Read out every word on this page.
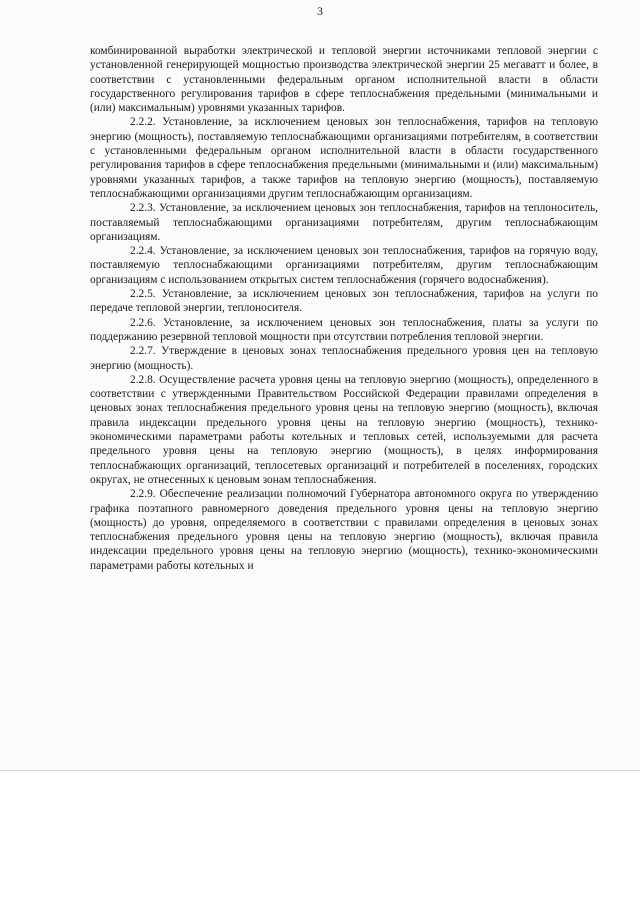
3

комбинированной выработки электрической и тепловой энергии источниками тепловой энергии с установленной генерирующей мощностью производства электрической энергии 25 мегаватт и более, в соответствии с установленными федеральным органом исполнительной власти в области государственного регулирования тарифов в сфере теплоснабжения предельными (минимальными и (или) максимальным) уровнями указанных тарифов.

2.2.2. Установление, за исключением ценовых зон теплоснабжения, тарифов на тепловую энергию (мощность), поставляемую теплоснабжающими организациями потребителям, в соответствии с установленными федеральным органом исполнительной власти в области государственного регулирования тарифов в сфере теплоснабжения предельными (минимальными и (или) максимальным) уровнями указанных тарифов, а также тарифов на тепловую энергию (мощность), поставляемую теплоснабжающими организациями другим теплоснабжающим организациям.

2.2.3. Установление, за исключением ценовых зон теплоснабжения, тарифов на теплоноситель, поставляемый теплоснабжающими организациями потребителям, другим теплоснабжающим организациям.

2.2.4. Установление, за исключением ценовых зон теплоснабжения, тарифов на горячую воду, поставляемую теплоснабжающими организациями потребителям, другим теплоснабжающим организациям с использованием открытых систем теплоснабжения (горячего водоснабжения).

2.2.5. Установление, за исключением ценовых зон теплоснабжения, тарифов на услуги по передаче тепловой энергии, теплоносителя.

2.2.6. Установление, за исключением ценовых зон теплоснабжения, платы за услуги по поддержанию резервной тепловой мощности при отсутствии потребления тепловой энергии.

2.2.7. Утверждение в ценовых зонах теплоснабжения предельного уровня цен на тепловую энергию (мощность).

2.2.8. Осуществление расчета уровня цены на тепловую энергию (мощность), определенного в соответствии с утвержденными Правительством Российской Федерации правилами определения в ценовых зонах теплоснабжения предельного уровня цены на тепловую энергию (мощность), включая правила индексации предельного уровня цены на тепловую энергию (мощность), технико-экономическими параметрами работы котельных и тепловых сетей, используемыми для расчета предельного уровня цены на тепловую энергию (мощность), в целях информирования теплоснабжающих организаций, теплосетевых организаций и потребителей в поселениях, городских округах, не отнесенных к ценовым зонам теплоснабжения.

2.2.9. Обеспечение реализации полномочий Губернатора автономного округа по утверждению графика поэтапного равномерного доведения предельного уровня цены на тепловую энергию (мощность) до уровня, определяемого в соответствии с правилами определения в ценовых зонах теплоснабжения предельного уровня цены на тепловую энергию (мощность), включая правила индексации предельного уровня цены на тепловую энергию (мощность), технико-экономическими параметрами работы котельных и
